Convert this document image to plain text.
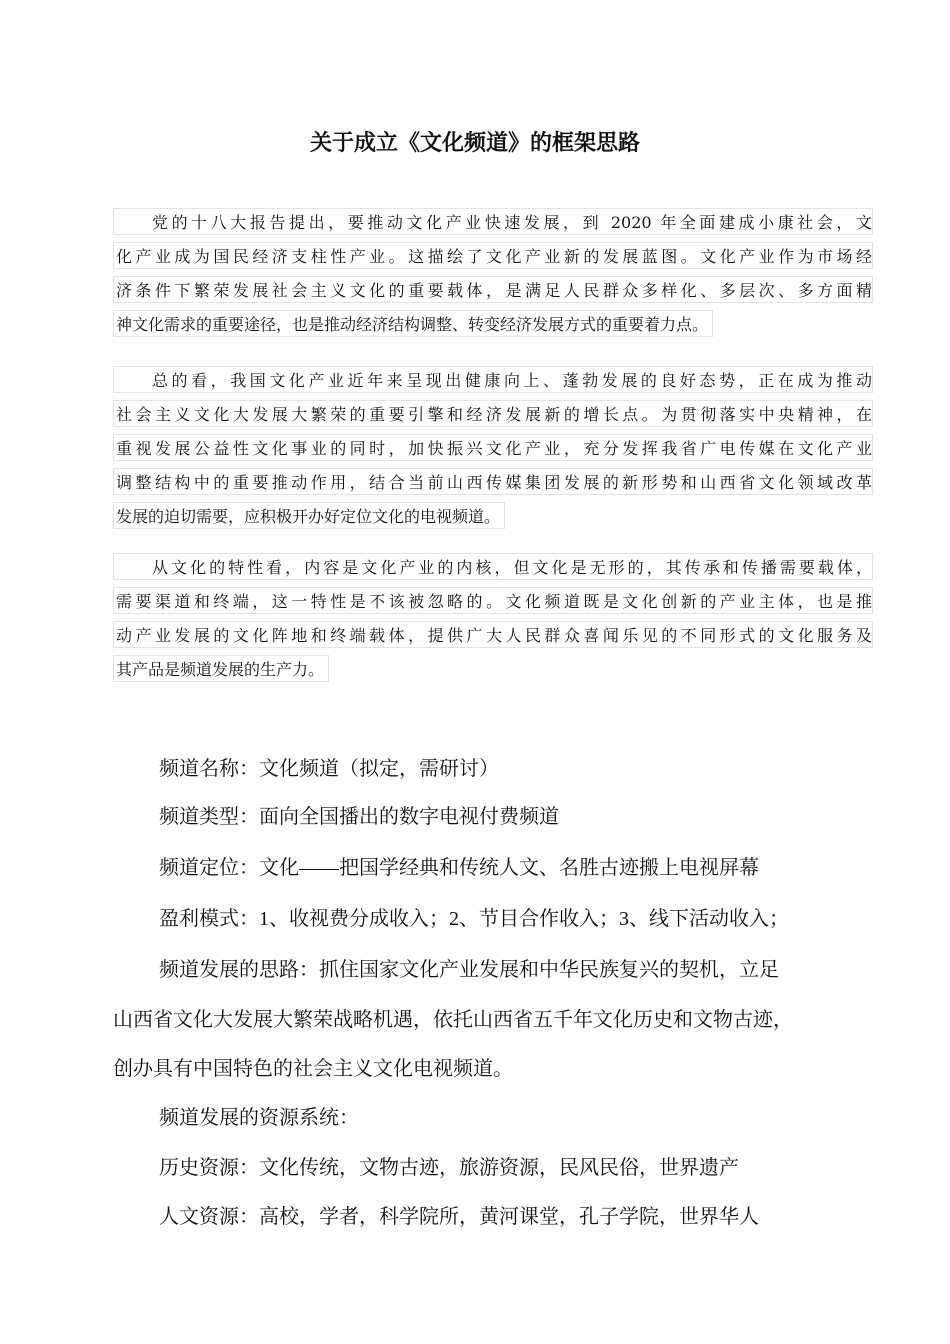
关于成立《文化频道》的框架思路
党的十八大报告提出，要推动文化产业快速发展，到 2020 年全面建成小康社会，文
化产业成为国民经济支柱性产业。这描绘了文化产业新的发展蓝图。文化产业作为市场经
济条件下繁荣发展社会主义文化的重要载体，是满足人民群众多样化、多层次、多方面精
神文化需求的重要途径，也是推动经济结构调整、转变经济发展方式的重要着力点。
总的看，我国文化产业近年来呈现出健康向上、蓬勃发展的良好态势，正在成为推动
社会主义文化大发展大繁荣的重要引擎和经济发展新的增长点。为贯彻落实中央精神，在
重视发展公益性文化事业的同时，加快振兴文化产业，充分发挥我省广电传媒在文化产业
调整结构中的重要推动作用，结合当前山西传媒集团发展的新形势和山西省文化领域改革
发展的迫切需要，应积极开办好定位文化的电视频道。
从文化的特性看，内容是文化产业的内核，但文化是无形的，其传承和传播需要载体，
需要渠道和终端，这一特性是不该被忽略的。文化频道既是文化创新的产业主体，也是推
动产业发展的文化阵地和终端载体，提供广大人民群众喜闻乐见的不同形式的文化服务及
其产品是频道发展的生产力。

频道名称：文化频道（拟定，需研讨）

频道类型：面向全国播出的数字电视付费频道

频道定位：文化——把国学经典和传统人文、名胜古迹搬上电视屏幕

盈利模式：1、收视费分成收入；2、节目合作收入；3、线下活动收入；

频道发展的思路：抓住国家文化产业发展和中华民族复兴的契机，立足

山西省文化大发展大繁荣战略机遇，依托山西省五千年文化历史和文物古迹，

创办具有中国特色的社会主义文化电视频道。

频道发展的资源系统：

历史资源：文化传统，文物古迹，旅游资源，民风民俗，世界遗产

人文资源：高校，学者，科学院所，黄河课堂，孔子学院，世界华人
